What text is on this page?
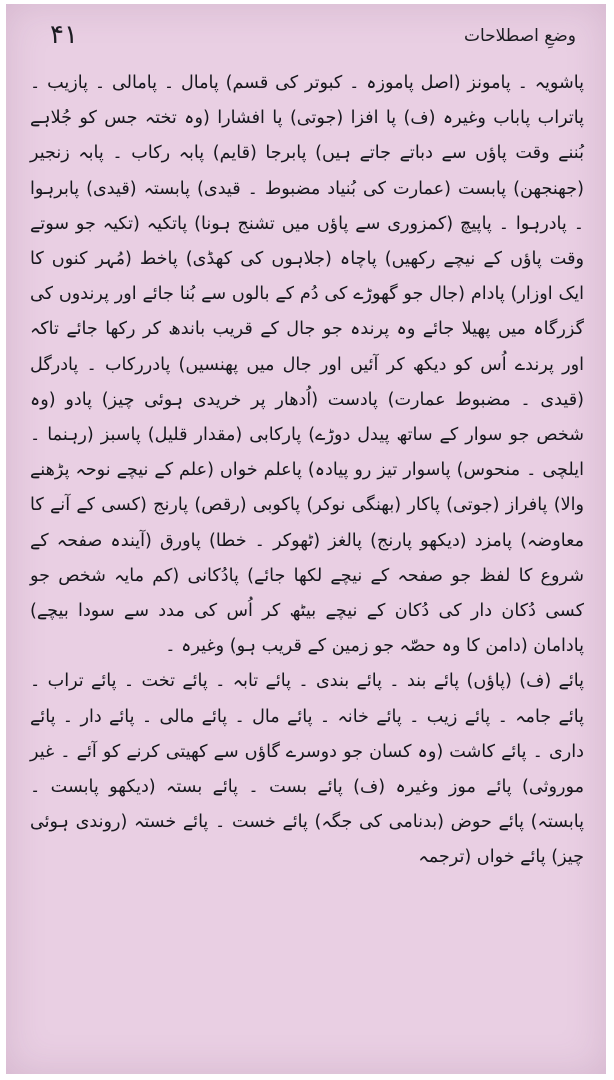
۴۱	وضعِ اصطلاحات

پاشویہ ۔ پامونز (اصل پاموزہ ۔ کبوتر کی قسم) پامال ۔ پامالی ۔ پازیب ۔ پاتراب پاباب وغیرہ (ف) پا افزا (جوتی) پا افشارا (وہ تختہ جس کو جُلاہے بُننے وقت پاؤں سے دباتے جاتے ہیں) پابرجا (قایم) پابہ رکاب ۔ پابہ زنجیر (جھنجھن) پابست (عمارت کی بُنیاد مضبوط ۔ قیدی) پابستہ (قیدی) پابرہوا ۔ پادرہوا ۔ پاپیچ (کمزوری سے پاؤں میں تشنج ہونا) پاتکیہ (تکیہ جو سوتے وقت پاؤں کے نیچے رکھیں) پاچاہ (جلاہوں کی کھڈی) پاخط (مُہر کنوں کا ایک اوزار) پادام (جال جو گھوڑے کی دُم کے بالوں سے بُنا جائے اور پرندوں کی گزرگاہ میں پھیلا جائے وہ پرندہ جو جال کے قریب باندھ کر رکھا جائے تاکہ اور پرندے اُس کو دیکھ کر آئیں اور جال میں پھنسیں) پادررکاب ۔ پادرگل (قیدی ۔ مضبوط عمارت) پادست (اُدھار پر خریدی ہوئی چیز) پادو (وہ شخص جو سوار کے ساتھ پیدل دوڑے) پارکابی (مقدار قلیل) پاسبز (رہنما ۔ ایلچی ۔ منحوس) پاسوار تیز رو پیادہ) پاعلم خواں (علم کے نیچے نوحہ پڑھنے والا) پافراز (جوتی) پاکار (بھنگی نوکر) پاکوبی (رقص) پارنج (کسی کے آنے کا معاوضہ) پامزد (دیکھو پارنج) پالغز (ٹھوکر ۔ خطا) پاورق (آیندہ صفحہ کے شروع کا لفظ جو صفحہ کے نیچے لکھا جائے) پادُکانی (کم مایہ شخص جو کسی دُکان دار کی دُکان کے نیچے بیٹھ کر اُس کی مدد سے سودا بیچے) پادامان (دامن کا وہ حصّہ جو زمین کے قریب ہو) وغیرہ ۔

پائے (ف) (پاؤں) پائے بند ۔ پائے بندی ۔ پائے تابہ ۔ پائے تخت ۔ پائے تراب ۔ پائے جامہ ۔ پائے زیب ۔ پائے خانہ ۔ پائے مال ۔ پائے مالی ۔ پائے دار ۔ پائے داری ۔ پائے کاشت (وہ کسان جو دوسرے گاؤں سے کھیتی کرنے کو آئے ۔ غیر موروثی) پائے موز وغیرہ (ف) پائے بست ۔ پائے بستہ (دیکھو پابست ۔ پابستہ) پائے حوض (بدنامی کی جگہ) پائے خست ۔ پائے خستہ (روندی ہوئی چیز) پائے خواں (ترجمہ
